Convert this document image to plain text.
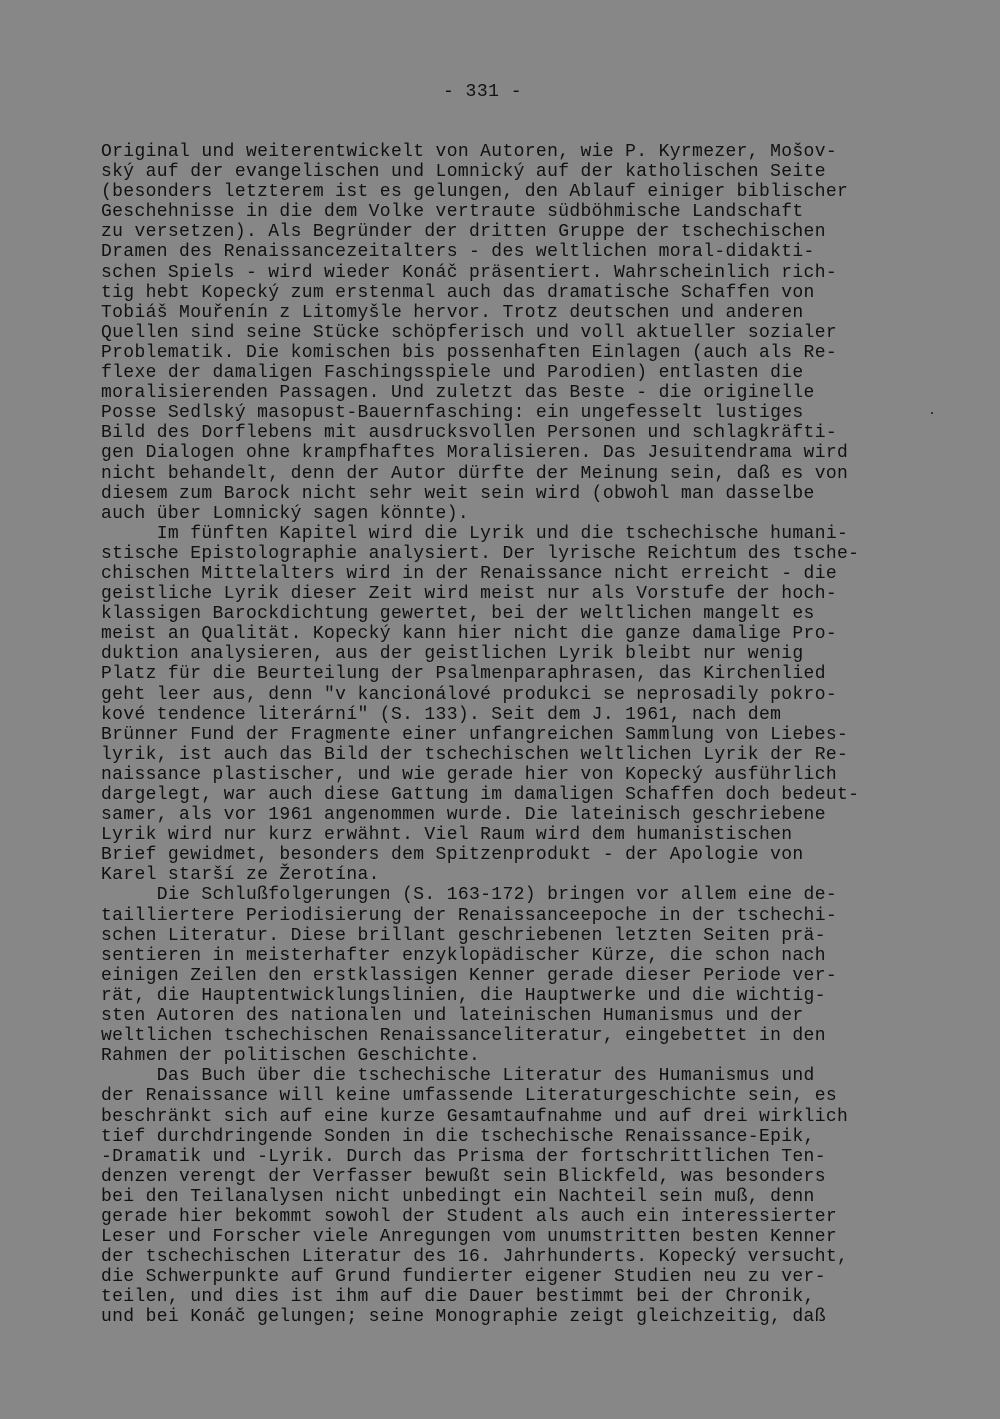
- 331 -
Original und weiterentwickelt von Autoren, wie P. Kyrmezer, Mošov-
ský auf der evangelischen und Lomnický auf der katholischen Seite
(besonders letzterem ist es gelungen, den Ablauf einiger biblischer
Geschehnisse in die dem Volke vertraute südböhmische Landschaft
zu versetzen). Als Begründer der dritten Gruppe der tschechischen
Dramen des Renaissancezeitalters - des weltlichen moral-didakti-
schen Spiels - wird wieder Konáč präsentiert. Wahrscheinlich rich-
tig hebt Kopecký zum erstenmal auch das dramatische Schaffen von
Tobiáš Mouřenín z Litomyšle hervor. Trotz deutschen und anderen
Quellen sind seine Stücke schöpferisch und voll aktueller sozialer
Problematik. Die komischen bis possenhaften Einlagen (auch als Re-
flexe der damaligen Faschingsspiele und Parodien) entlasten die
moralisierenden Passagen. Und zuletzt das Beste - die originelle
Posse Sedlský masopust-Bauernfasching: ein ungefesselt lustiges
Bild des Dorflebens mit ausdrucksvollen Personen und schlagkräfti-
gen Dialogen ohne krampfhaftes Moralisieren. Das Jesuitendrama wird
nicht behandelt, denn der Autor dürfte der Meinung sein, daß es von
diesem zum Barock nicht sehr weit sein wird (obwohl man dasselbe
auch über Lomnický sagen könnte).
Im fünften Kapitel wird die Lyrik und die tschechische humani-
stische Epistolographie analysiert. Der lyrische Reichtum des tsche-
chischen Mittelalters wird in der Renaissance nicht erreicht - die
geistliche Lyrik dieser Zeit wird meist nur als Vorstufe der hoch-
klassigen Barockdichtung gewertet, bei der weltlichen mangelt es
meist an Qualität. Kopecký kann hier nicht die ganze damalige Pro-
duktion analysieren, aus der geistlichen Lyrik bleibt nur wenig
Platz für die Beurteilung der Psalmenparaphrasen, das Kirchenlied
geht leer aus, denn "v kancionálové produkci se neprosadily pokro-
kové tendence literární" (S. 133). Seit dem J. 1961, nach dem
Brünner Fund der Fragmente einer unfangreichen Sammlung von Liebes-
lyrik, ist auch das Bild der tschechischen weltlichen Lyrik der Re-
naissance plastischer, und wie gerade hier von Kopecký ausführlich
dargelegt, war auch diese Gattung im damaligen Schaffen doch bedeut-
samer, als vor 1961 angenommen wurde. Die lateinisch geschriebene
Lyrik wird nur kurz erwähnt. Viel Raum wird dem humanistischen
Brief gewidmet, besonders dem Spitzenprodukt - der Apologie von
Karel starší ze Žerotína.
Die Schlußfolgerungen (S. 163-172) bringen vor allem eine de-
tailliertere Periodisierung der Renaissanceepoche in der tschechi-
schen Literatur. Diese brillant geschriebenen letzten Seiten prä-
sentieren in meisterhafter enzyklopädischer Kürze, die schon nach
einigen Zeilen den erstklassigen Kenner gerade dieser Periode ver-
rät, die Hauptentwicklungslinien, die Hauptwerke und die wichtig-
sten Autoren des nationalen und lateinischen Humanismus und der
weltlichen tschechischen Renaissanceliteratur, eingebettet in den
Rahmen der politischen Geschichte.
Das Buch über die tschechische Literatur des Humanismus und
der Renaissance will keine umfassende Literaturgeschichte sein, es
beschränkt sich auf eine kurze Gesamtaufnahme und auf drei wirklich
tief durchdringende Sonden in die tschechische Renaissance-Epik,
-Dramatik und -Lyrik. Durch das Prisma der fortschrittlichen Ten-
denzen verengt der Verfasser bewußt sein Blickfeld, was besonders
bei den Teilanalysen nicht unbedingt ein Nachteil sein muß, denn
gerade hier bekommt sowohl der Student als auch ein interessierter
Leser und Forscher viele Anregungen vom unumstritten besten Kenner
der tschechischen Literatur des 16. Jahrhunderts. Kopecký versucht,
die Schwerpunkte auf Grund fundierter eigener Studien neu zu ver-
teilen, und dies ist ihm auf die Dauer bestimmt bei der Chronik,
und bei Konáč gelungen; seine Monographie zeigt gleichzeitig, daß
